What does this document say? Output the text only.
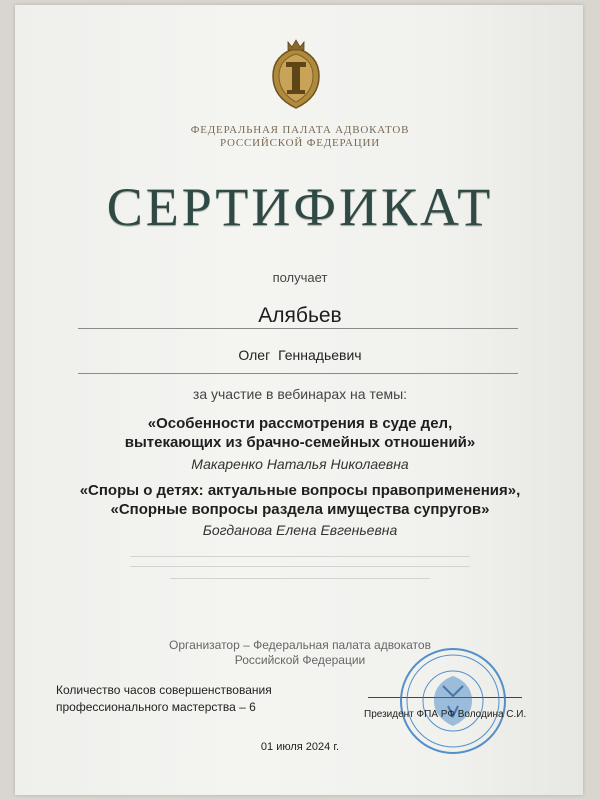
ФЕДЕРАЛЬНАЯ ПАЛАТА АДВОКАТОВ
РОССИЙСКОЙ ФЕДЕРАЦИИ
СЕРТИФИКАТ
получает
Алябьев
Олег Геннадьевич
за участие в вебинарах на темы:
«Особенности рассмотрения в суде дел,
вытекающих из брачно-семейных отношений»
Макаренко Наталья Николаевна
«Споры о детях: актуальные вопросы правоприменения»,
«Спорные вопросы раздела имущества супругов»
Богданова Елена Евгеньевна
Организатор – Федеральная палата адвокатов
Российской Федерации
Количество часов совершенствования
профессионального мастерства – 6
Президент ФПА РФ Володина С.И.
01 июля 2024 г.
